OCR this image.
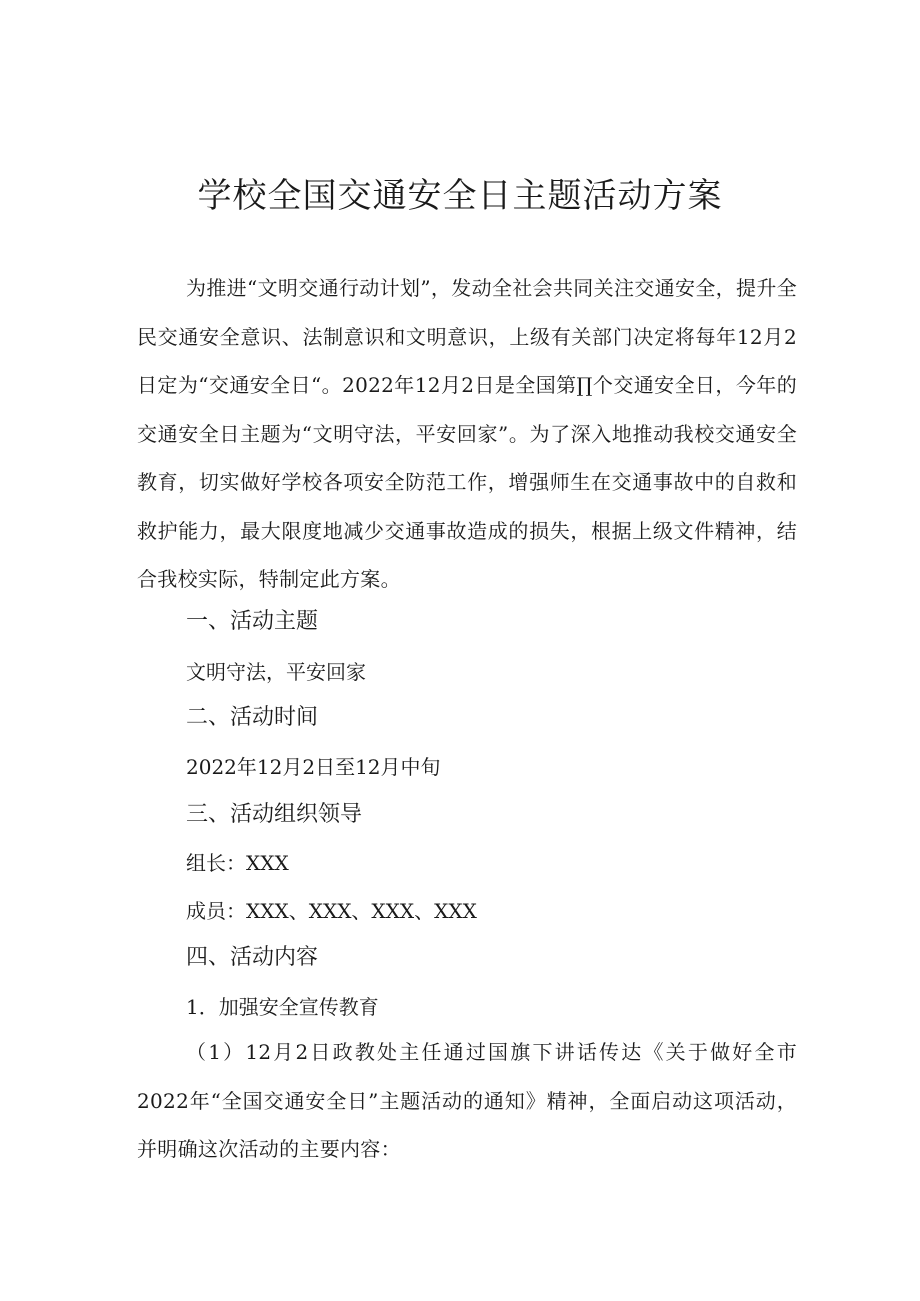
学校全国交通安全日主题活动方案

为推进“文明交通行动计划”，发动全社会共同关注交通安全，提升全民交通安全意识、法制意识和文明意识，上级有关部门决定将每年12月2日定为“交通安全日“。2022年12月2日是全国第∏个交通安全日，今年的交通安全日主题为“文明守法，平安回家”。为了深入地推动我校交通安全教育，切实做好学校各项安全防范工作，增强师生在交通事故中的自救和救护能力，最大限度地减少交通事故造成的损失，根据上级文件精神，结合我校实际，特制定此方案。

一、活动主题

文明守法，平安回家

二、活动时间

2022年12月2日至12月中旬

三、活动组织领导

组长：XXX

成员：XXX、XXX、XXX、XXX

四、活动内容

1．加强安全宣传教育

（1）12月2日政教处主任通过国旗下讲话传达《关于做好全市2022年“全国交通安全日”主题活动的通知》精神，全面启动这项活动，并明确这次活动的主要内容：
